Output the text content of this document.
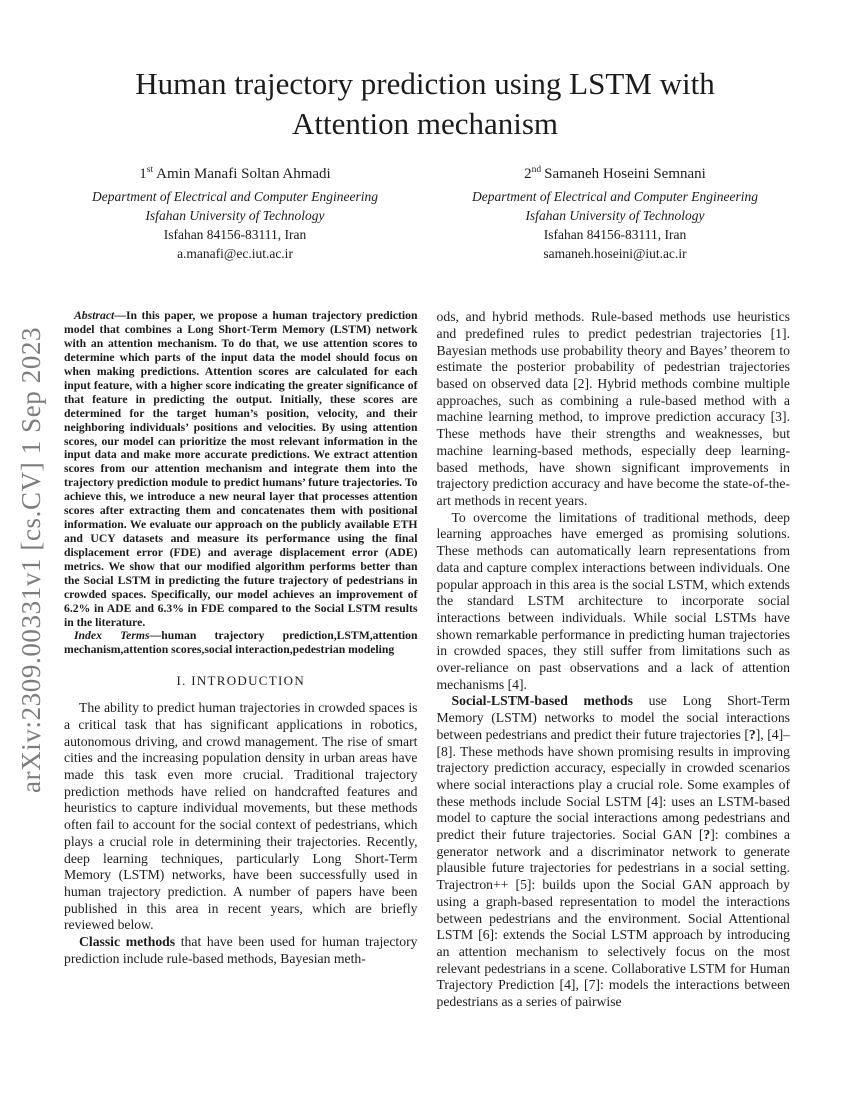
arXiv:2309.00331v1 [cs.CV] 1 Sep 2023
Human trajectory prediction using LSTM with Attention mechanism
1st Amin Manafi Soltan Ahmadi
Department of Electrical and Computer Engineering
Isfahan University of Technology
Isfahan 84156-83111, Iran
a.manafi@ec.iut.ac.ir
2nd Samaneh Hoseini Semnani
Department of Electrical and Computer Engineering
Isfahan University of Technology
Isfahan 84156-83111, Iran
samaneh.hoseini@iut.ac.ir

Abstract—In this paper, we propose a human trajectory prediction model that combines a Long Short-Term Memory (LSTM) network with an attention mechanism. To do that, we use attention scores to determine which parts of the input data the model should focus on when making predictions. Attention scores are calculated for each input feature, with a higher score indicating the greater significance of that feature in predicting the output. Initially, these scores are determined for the target human’s position, velocity, and their neighboring individuals’ positions and velocities. By using attention scores, our model can prioritize the most relevant information in the input data and make more accurate predictions. We extract attention scores from our attention mechanism and integrate them into the trajectory prediction module to predict humans’ future trajectories. To achieve this, we introduce a new neural layer that processes attention scores after extracting them and concatenates them with positional information. We evaluate our approach on the publicly available ETH and UCY datasets and measure its performance using the final displacement error (FDE) and average displacement error (ADE) metrics. We show that our modified algorithm performs better than the Social LSTM in predicting the future trajectory of pedestrians in crowded spaces. Specifically, our model achieves an improvement of 6.2% in ADE and 6.3% in FDE compared to the Social LSTM results in the literature.

Index Terms—human trajectory prediction,LSTM,attention mechanism,attention scores,social interaction,pedestrian modeling

I. INTRODUCTION

The ability to predict human trajectories in crowded spaces is a critical task that has significant applications in robotics, autonomous driving, and crowd management. The rise of smart cities and the increasing population density in urban areas have made this task even more crucial. Traditional trajectory prediction methods have relied on handcrafted features and heuristics to capture individual movements, but these methods often fail to account for the social context of pedestrians, which plays a crucial role in determining their trajectories. Recently, deep learning techniques, particularly Long Short-Term Memory (LSTM) networks, have been successfully used in human trajectory prediction. A number of papers have been published in this area in recent years, which are briefly reviewed below.

Classic methods that have been used for human trajectory prediction include rule-based methods, Bayesian meth-

ods, and hybrid methods. Rule-based methods use heuristics and predefined rules to predict pedestrian trajectories [1]. Bayesian methods use probability theory and Bayes’ theorem to estimate the posterior probability of pedestrian trajectories based on observed data [2]. Hybrid methods combine multiple approaches, such as combining a rule-based method with a machine learning method, to improve prediction accuracy [3]. These methods have their strengths and weaknesses, but machine learning-based methods, especially deep learning-based methods, have shown significant improvements in trajectory prediction accuracy and have become the state-of-the-art methods in recent years.

To overcome the limitations of traditional methods, deep learning approaches have emerged as promising solutions. These methods can automatically learn representations from data and capture complex interactions between individuals. One popular approach in this area is the social LSTM, which extends the standard LSTM architecture to incorporate social interactions between individuals. While social LSTMs have shown remarkable performance in predicting human trajectories in crowded spaces, they still suffer from limitations such as over-reliance on past observations and a lack of attention mechanisms [4].

Social-LSTM-based methods use Long Short-Term Memory (LSTM) networks to model the social interactions between pedestrians and predict their future trajectories [?], [4]–[8]. These methods have shown promising results in improving trajectory prediction accuracy, especially in crowded scenarios where social interactions play a crucial role. Some examples of these methods include Social LSTM [4]: uses an LSTM-based model to capture the social interactions among pedestrians and predict their future trajectories. Social GAN [?]: combines a generator network and a discriminator network to generate plausible future trajectories for pedestrians in a social setting. Trajectron++ [5]: builds upon the Social GAN approach by using a graph-based representation to model the interactions between pedestrians and the environment. Social Attentional LSTM [6]: extends the Social LSTM approach by introducing an attention mechanism to selectively focus on the most relevant pedestrians in a scene. Collaborative LSTM for Human Trajectory Prediction [4], [7]: models the interactions between pedestrians as a series of pairwise
